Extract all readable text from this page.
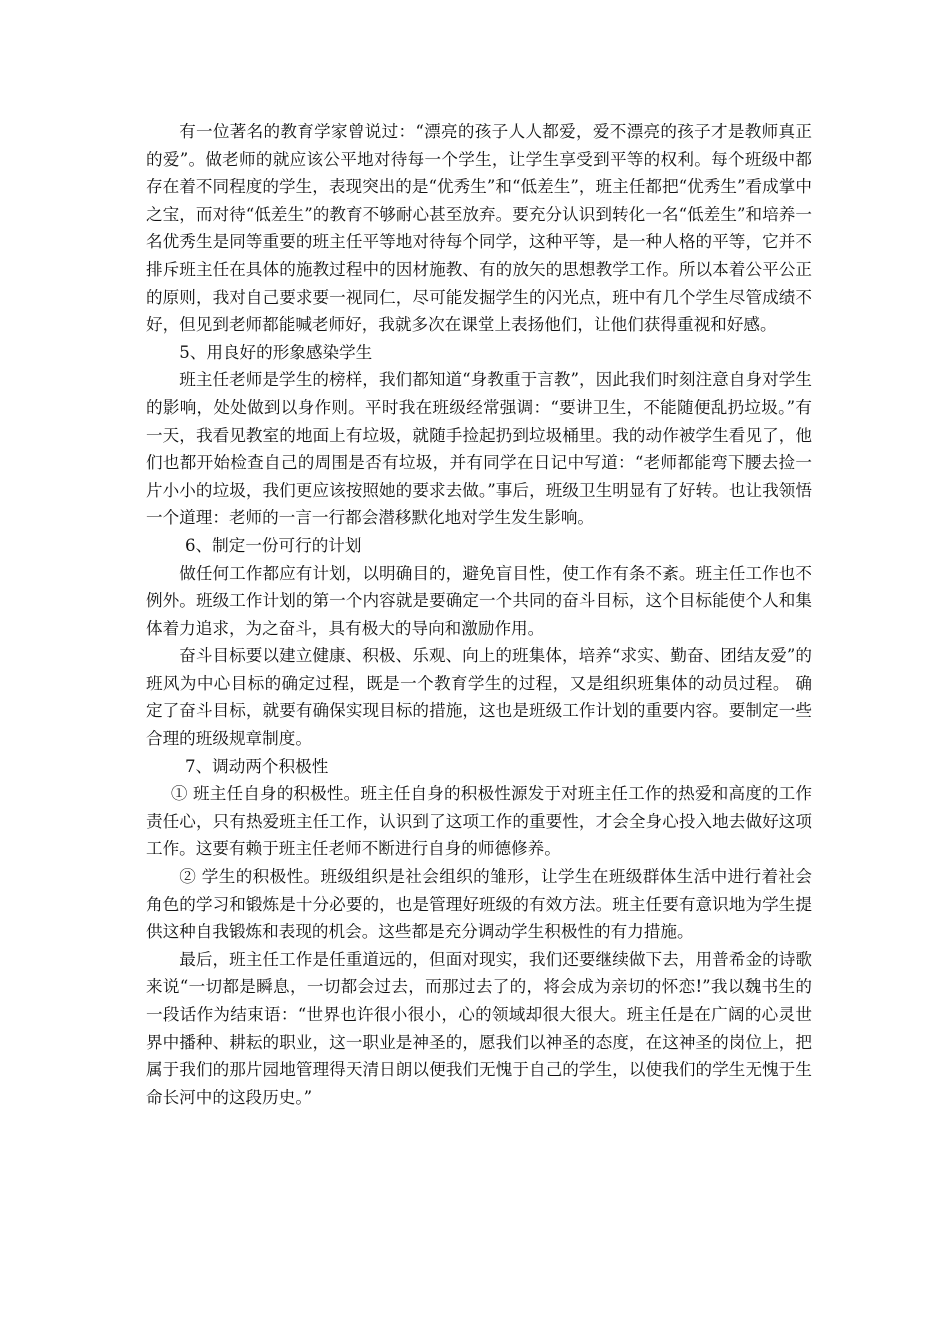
有一位著名的教育学家曾说过：“漂亮的孩子人人都爱，爱不漂亮的孩子才是教师真正的爱”。做老师的就应该公平地对待每一个学生，让学生享受到平等的权利。每个班级中都存在着不同程度的学生，表现突出的是“优秀生”和“低差生”，班主任都把“优秀生”看成掌中之宝，而对待“低差生”的教育不够耐心甚至放弃。要充分认识到转化一名“低差生”和培养一名优秀生是同等重要的班主任平等地对待每个同学，这种平等，是一种人格的平等，它并不排斥班主任在具体的施教过程中的因材施教、有的放矢的思想教学工作。所以本着公平公正的原则，我对自己要求要一视同仁，尽可能发掘学生的闪光点，班中有几个学生尽管成绩不好，但见到老师都能喊老师好，我就多次在课堂上表扬他们，让他们获得重视和好感。

5、用良好的形象感染学生

班主任老师是学生的榜样，我们都知道“身教重于言教”，因此我们时刻注意自身对学生的影响，处处做到以身作则。平时我在班级经常强调：“要讲卫生，不能随便乱扔垃圾。”有一天，我看见教室的地面上有垃圾，就随手捡起扔到垃圾桶里。我的动作被学生看见了，他们也都开始检查自己的周围是否有垃圾，并有同学在日记中写道：“老师都能弯下腰去捡一片小小的垃圾，我们更应该按照她的要求去做。”事后，班级卫生明显有了好转。也让我领悟一个道理：老师的一言一行都会潜移默化地对学生发生影响。

6、制定一份可行的计划

做任何工作都应有计划，以明确目的，避免盲目性，使工作有条不紊。班主任工作也不例外。班级工作计划的第一个内容就是要确定一个共同的奋斗目标，这个目标能使个人和集体着力追求，为之奋斗，具有极大的导向和激励作用。

奋斗目标要以建立健康、积极、乐观、向上的班集体，培养“求实、勤奋、团结友爱”的班风为中心目标的确定过程，既是一个教育学生的过程，又是组织班集体的动员过程。 确定了奋斗目标，就要有确保实现目标的措施，这也是班级工作计划的重要内容。要制定一些合理的班级规章制度。

7、调动两个积极性

① 班主任自身的积极性。班主任自身的积极性源发于对班主任工作的热爱和高度的工作责任心，只有热爱班主任工作，认识到了这项工作的重要性，才会全身心投入地去做好这项工作。这要有赖于班主任老师不断进行自身的师德修养。

② 学生的积极性。班级组织是社会组织的雏形，让学生在班级群体生活中进行着社会角色的学习和锻炼是十分必要的，也是管理好班级的有效方法。班主任要有意识地为学生提供这种自我锻炼和表现的机会。这些都是充分调动学生积极性的有力措施。

最后，班主任工作是任重道远的，但面对现实，我们还要继续做下去，用普希金的诗歌来说“一切都是瞬息，一切都会过去，而那过去了的，将会成为亲切的怀恋!”我以魏书生的一段话作为结束语：“世界也许很小很小，心的领域却很大很大。班主任是在广阔的心灵世界中播种、耕耘的职业，这一职业是神圣的，愿我们以神圣的态度，在这神圣的岗位上，把属于我们的那片园地管理得天清日朗以便我们无愧于自己的学生，以使我们的学生无愧于生命长河中的这段历史。”
